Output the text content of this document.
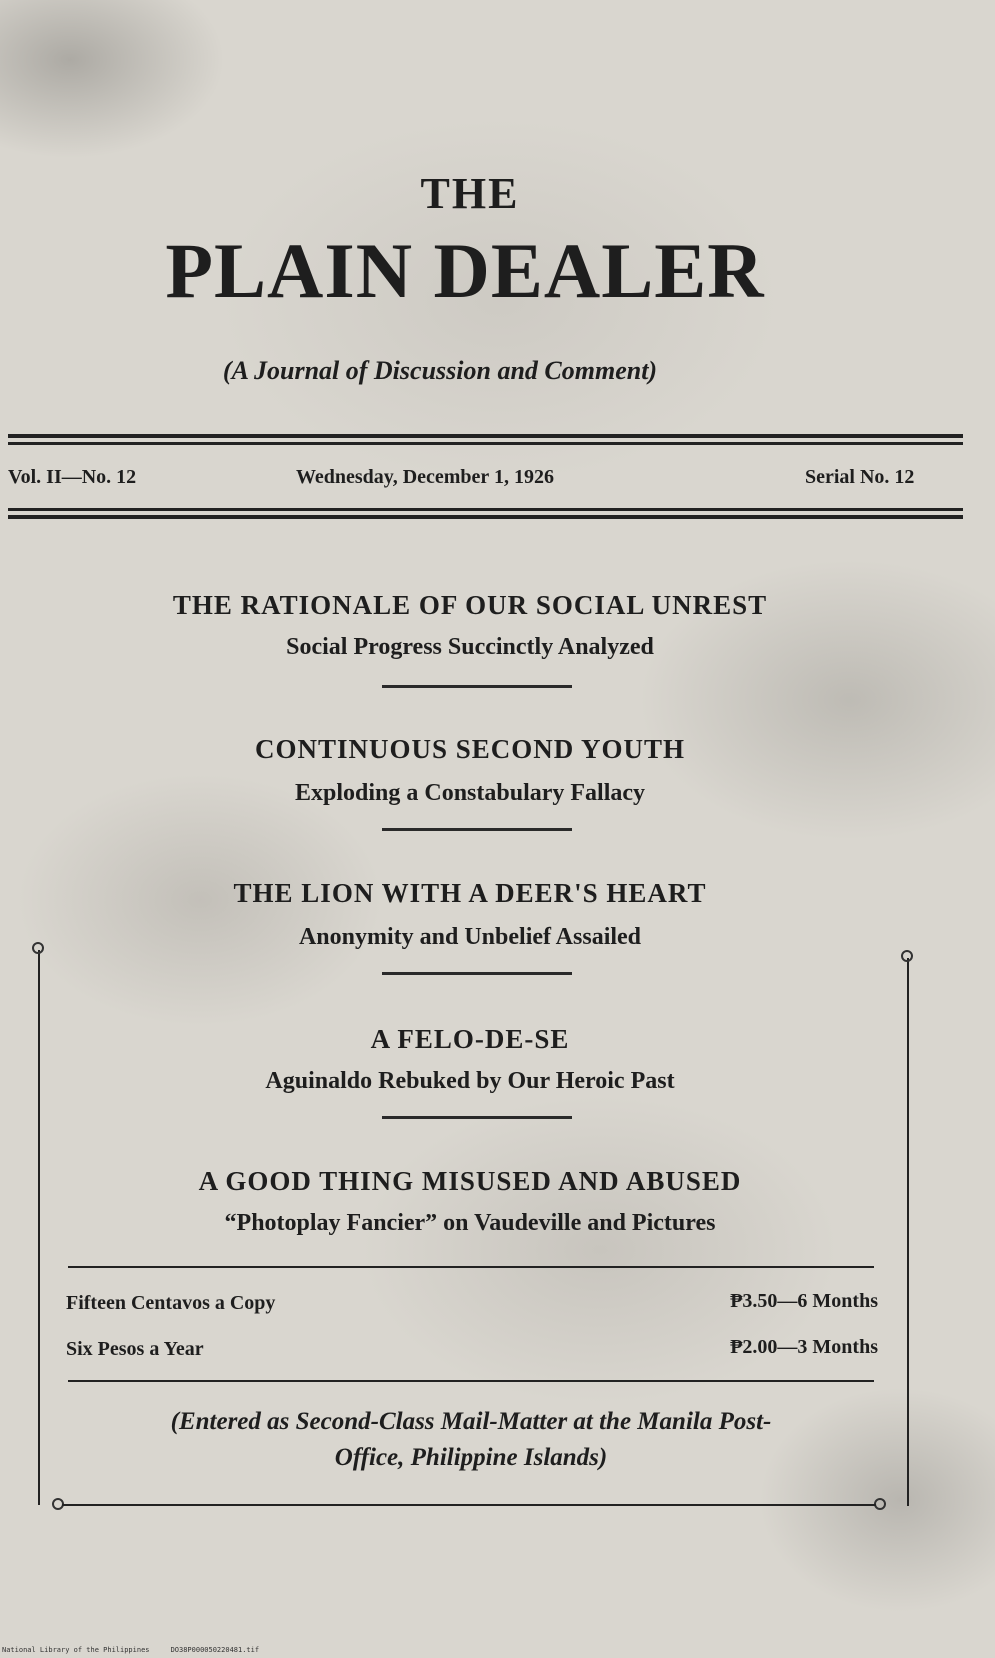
THE
PLAIN DEALER
(A Journal of Discussion and Comment)
Vol. II—No. 12	Wednesday, December 1, 1926	Serial No. 12
THE RATIONALE OF OUR SOCIAL UNREST
Social Progress Succinctly Analyzed
CONTINUOUS SECOND YOUTH
Exploding a Constabulary Fallacy
THE LION WITH A DEER'S HEART
Anonymity and Unbelief Assailed
A FELO-DE-SE
Aguinaldo Rebuked by Our Heroic Past
A GOOD THING MISUSED AND ABUSED
“Photoplay Fancier” on Vaudeville and Pictures
Fifteen Centavos a Copy	₱3.50—6 Months
Six Pesos a Year	₱2.00—3 Months
(Entered as Second-Class Mail-Matter at the Manila Post-
Office, Philippine Islands)
National Library of the Philippines     DO38P000050220481.tif
